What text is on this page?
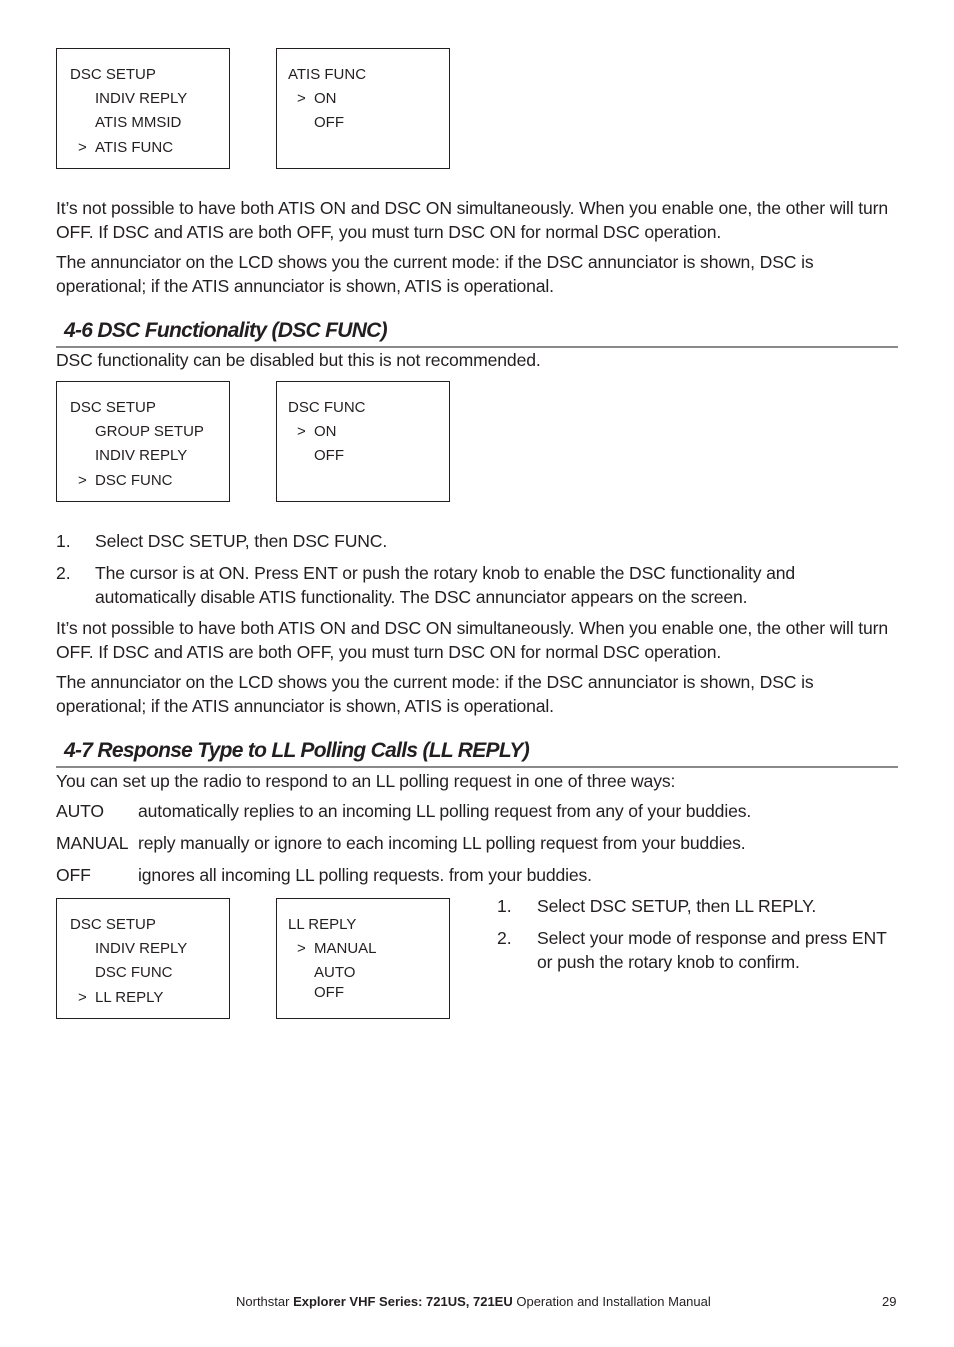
DSC SETUP
INDIV REPLY
ATIS MMSID
> ATIS FUNC
ATIS FUNC
> ON
OFF

It’s not possible to have both ATIS ON and DSC ON simultaneously. When you enable one, the other will turn OFF. If DSC and ATIS are both OFF, you must turn DSC ON for normal DSC operation.

The annunciator on the LCD shows you the current mode: if the DSC annunciator is shown, DSC is operational; if the ATIS annunciator is shown, ATIS is operational.

4-6 DSC Functionality (DSC FUNC)

DSC functionality can be disabled but this is not recommended.

DSC SETUP
GROUP SETUP
INDIV REPLY
> DSC FUNC
DSC FUNC
> ON
OFF
1. Select DSC SETUP, then DSC FUNC.
2. The cursor is at ON. Press ENT or push the rotary knob to enable the DSC functionality and automatically disable ATIS functionality. The DSC annunciator appears on the screen.

It’s not possible to have both ATIS ON and DSC ON simultaneously. When you enable one, the other will turn OFF. If DSC and ATIS are both OFF, you must turn DSC ON for normal DSC operation.

The annunciator on the LCD shows you the current mode: if the DSC annunciator is shown, DSC is operational; if the ATIS annunciator is shown, ATIS is operational.

4-7 Response Type to LL Polling Calls (LL REPLY)

You can set up the radio to respond to an LL polling request in one of three ways:

AUTO automatically replies to an incoming LL polling request from any of your buddies.
MANUAL reply manually or ignore to each incoming LL polling request from your buddies.
OFF	ignores all incoming LL polling requests. from your buddies.
DSC SETUP
INDIV REPLY
DSC FUNC
> LL REPLY
LL REPLY
> MANUAL
AUTO
OFF
1. Select DSC SETUP, then LL REPLY.
2. Select your mode of response and press ENT or push the rotary knob to confirm.
Northstar Explorer VHF Series: 721US, 721EU Operation and Installation Manual	29
